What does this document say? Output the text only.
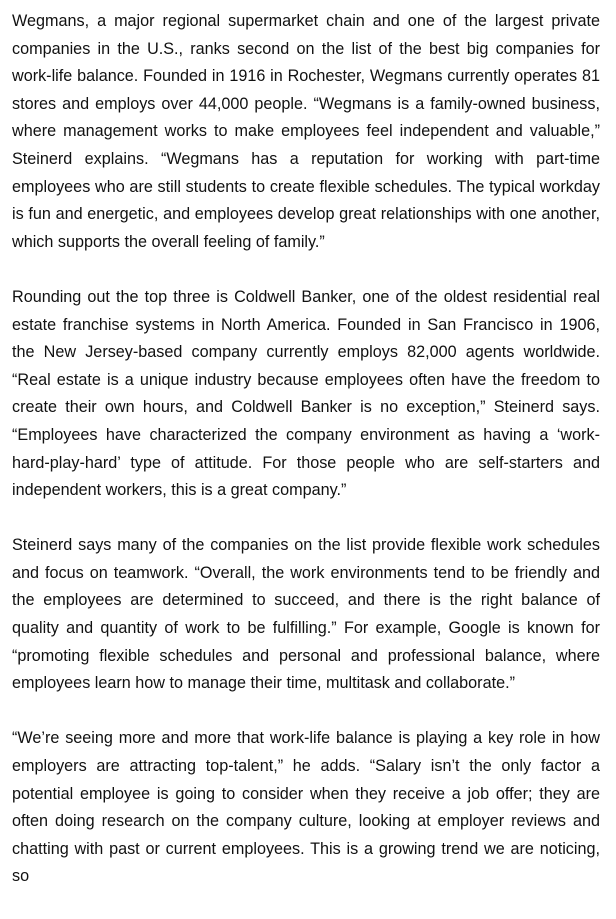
Wegmans, a major regional supermarket chain and one of the largest private companies in the U.S., ranks second on the list of the best big companies for work-life balance. Founded in 1916 in Rochester, Wegmans currently operates 81 stores and employs over 44,000 people. “Wegmans is a family-owned business, where management works to make employees feel independent and valuable,” Steinerd explains. “Wegmans has a reputation for working with part-time employees who are still students to create flexible schedules. The typical workday is fun and energetic, and employees develop great relationships with one another, which supports the overall feeling of family.”

Rounding out the top three is Coldwell Banker, one of the oldest residential real estate franchise systems in North America. Founded in San Francisco in 1906, the New Jersey-based company currently employs 82,000 agents worldwide. “Real estate is a unique industry because employees often have the freedom to create their own hours, and Coldwell Banker is no exception,” Steinerd says. “Employees have characterized the company environment as having a ‘work-hard-play-hard’ type of attitude. For those people who are self-starters and independent workers, this is a great company.”

Steinerd says many of the companies on the list provide flexible work schedules and focus on teamwork. “Overall, the work environments tend to be friendly and the employees are determined to succeed, and there is the right balance of quality and quantity of work to be fulfilling.” For example, Google is known for “promoting flexible schedules and personal and professional balance, where employees learn how to manage their time, multitask and collaborate.”

“We’re seeing more and more that work-life balance is playing a key role in how employers are attracting top-talent,” he adds. “Salary isn’t the only factor a potential employee is going to consider when they receive a job offer; they are often doing research on the company culture, looking at employer reviews and chatting with past or current employees. This is a growing trend we are noticing, so
